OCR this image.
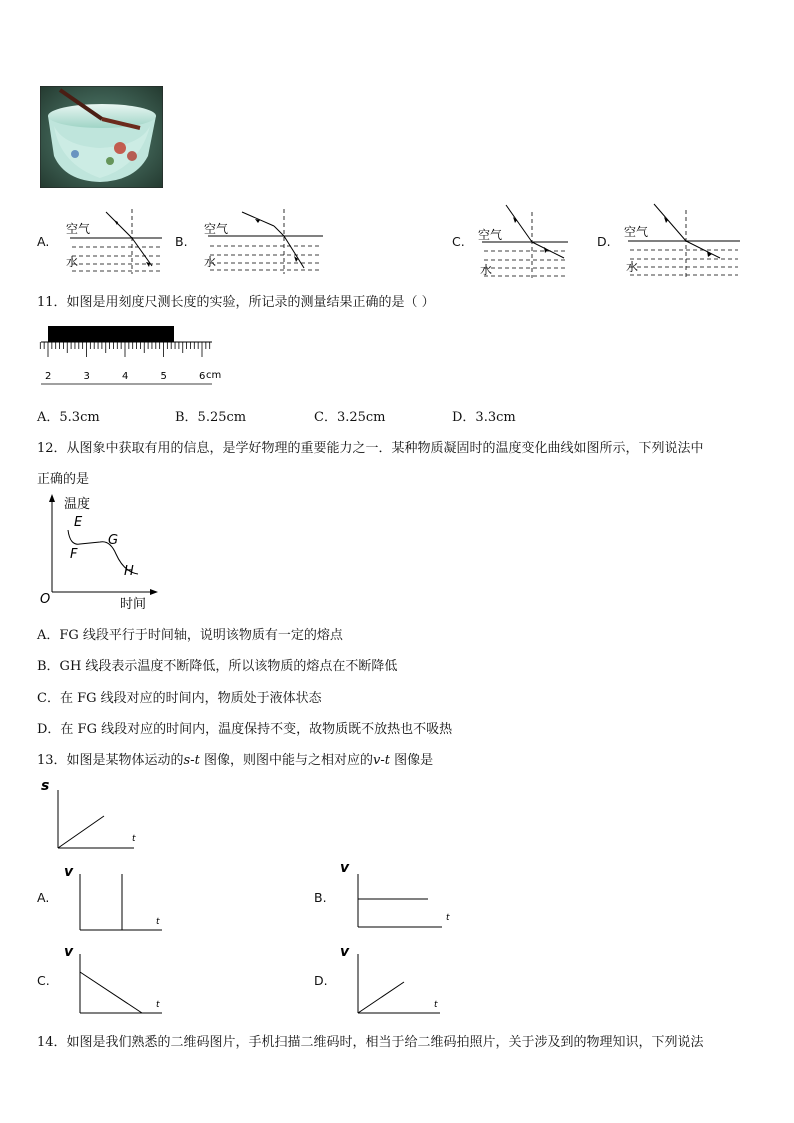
A.
空气
水
B.
空气
水
C. 空气
水
D.
空气
水
11．如图是用刻度尺测长度的实验，所记录的测量结果正确的是（ ）
2	3	4	5	6 cm
A．5.3cm	B．5.25cm	C．3.25cm	D．3.3cm
12．从图象中获取有用的信息，是学好物理的重要能力之一．某种物质凝固时的温度变化曲线如图所示，下列说法中
正确的是
温度
时间
O
E
F
G
H
A．FG 线段平行于时间轴，说明该物质有一定的熔点
B．GH 线段表示温度不断降低，所以该物质的熔点在不断降低
C．在 FG 线段对应的时间内，物质处于液体状态
D．在 FG 线段对应的时间内，温度保持不变，故物质既不放热也不吸热
13．如图是某物体运动的s-t 图像，则图中能与之相对应的v-t 图像是
s
t
A.
v
t
B.
v
t
C.
v
t
D.
v
t
14．如图是我们熟悉的二维码图片，手机扫描二维码时，相当于给二维码拍照片，关于涉及到的物理知识，下列说法
